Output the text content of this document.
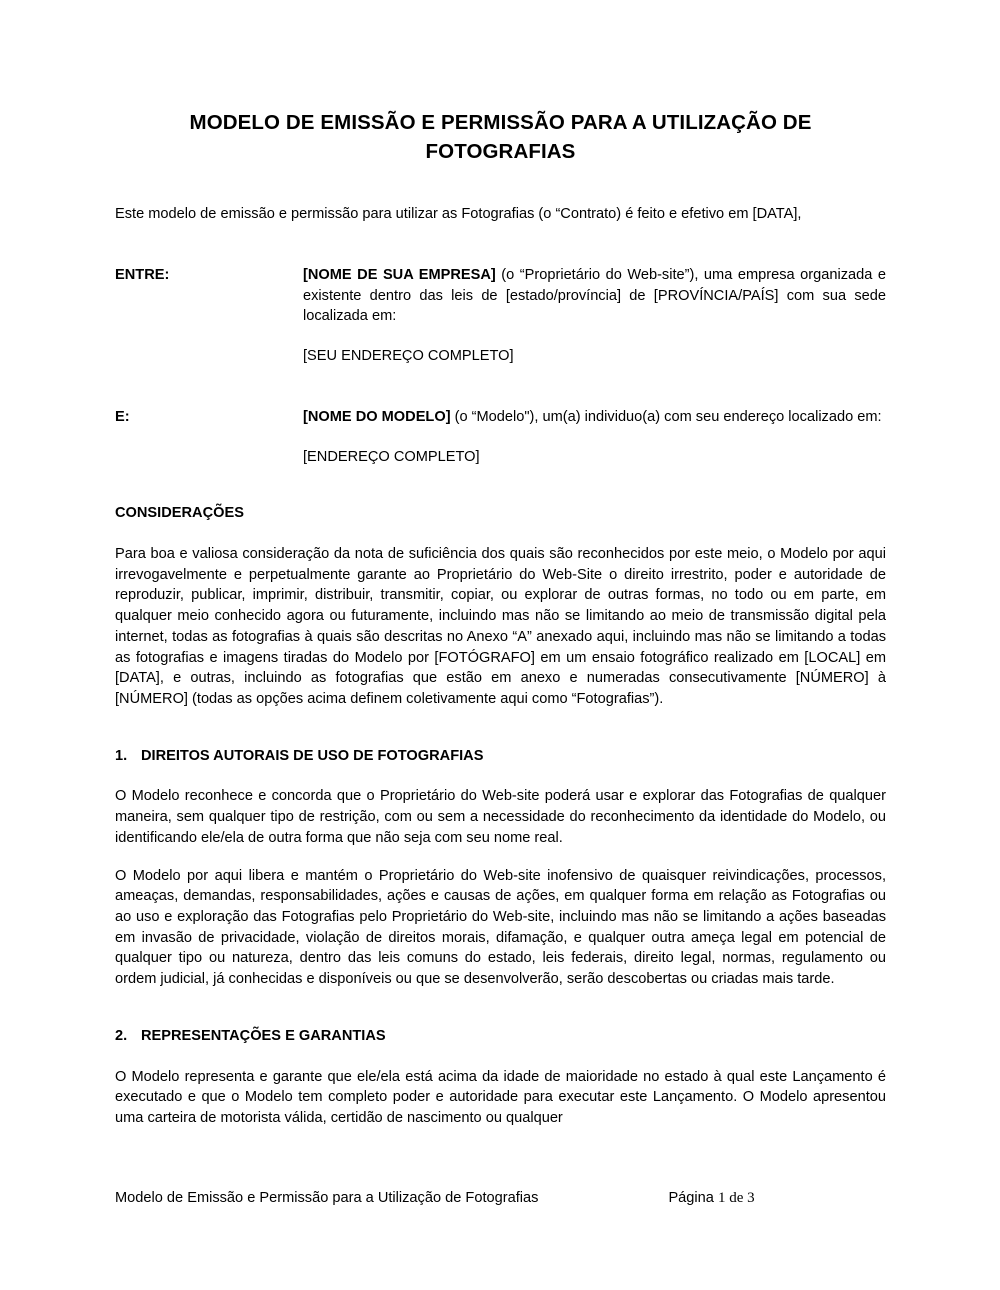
MODELO DE EMISSÃO E PERMISSÃO PARA A UTILIZAÇÃO DE FOTOGRAFIAS

Este modelo de emissão e permissão para utilizar as Fotografias (o “Contrato) é feito e efetivo em [DATA],

ENTRE:	[NOME DE SUA EMPRESA] (o “Proprietário do Web-site”), uma empresa organizada e existente dentro das leis de [estado/província] de [PROVÍNCIA/PAÍS] com sua sede localizada em:
[SEU ENDEREÇO COMPLETO]
E:	[NOME DO MODELO] (o “Modelo"), um(a) individuo(a) com seu endereço localizado em:
[ENDEREÇO COMPLETO]
CONSIDERAÇÕES

Para boa e valiosa consideração da nota de suficiência dos quais são reconhecidos por este meio, o Modelo por aqui irrevogavelmente e perpetualmente garante ao Proprietário do Web-Site o direito irrestrito, poder e autoridade de reproduzir, publicar, imprimir, distribuir, transmitir, copiar, ou explorar de outras formas, no todo ou em parte, em qualquer meio conhecido agora ou futuramente, incluindo mas não se limitando ao meio de transmissão digital pela internet, todas as fotografias à quais são descritas no Anexo “A” anexado aqui, incluindo mas não se limitando a todas as fotografias e imagens tiradas do Modelo por [FOTÓGRAFO] em um ensaio fotográfico realizado em [LOCAL] em [DATA], e outras, incluindo as fotografias que estão em anexo e numeradas consecutivamente [NÚMERO] à [NÚMERO] (todas as opções acima definem coletivamente aqui como “Fotografias”).

1. DIREITOS AUTORAIS DE USO DE FOTOGRAFIAS

O Modelo reconhece e concorda que o Proprietário do Web-site poderá usar e explorar das Fotografias de qualquer maneira, sem qualquer tipo de restrição, com ou sem a necessidade do reconhecimento da identidade do Modelo, ou identificando ele/ela de outra forma que não seja com seu nome real.

O Modelo por aqui libera e mantém o Proprietário do Web-site inofensivo de quaisquer reivindicações, processos, ameaças, demandas, responsabilidades, ações e causas de ações, em qualquer forma em relação as Fotografias ou ao uso e exploração das Fotografias pelo Proprietário do Web-site, incluindo mas não se limitando a ações baseadas em invasão de privacidade, violação de direitos morais, difamação, e qualquer outra ameça legal em potencial de qualquer tipo ou natureza, dentro das leis comuns do estado, leis federais, direito legal, normas, regulamento ou ordem judicial, já conhecidas e disponíveis ou que se desenvolverão, serão descobertas ou criadas mais tarde.

2. REPRESENTAÇÕES E GARANTIAS

O Modelo representa e garante que ele/ela está acima da idade de maioridade no estado à qual este Lançamento é executado e que o Modelo tem completo poder e autoridade para executar este Lançamento. O Modelo apresentou uma carteira de motorista válida, certidão de nascimento ou qualquer

Modelo de Emissão e Permissão para a Utilização de Fotografias	Página 1 de 3
